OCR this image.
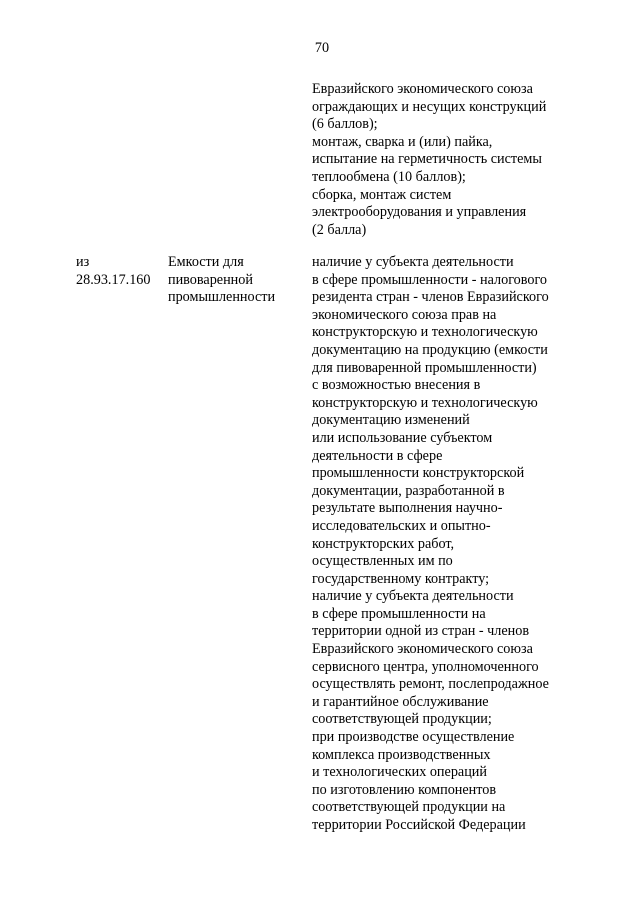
70
Евразийского экономического союза
ограждающих и несущих конструкций
(6 баллов);
монтаж, сварка и (или) пайка,
испытание на герметичность системы
теплообмена (10 баллов);
сборка, монтаж систем
электрооборудования и управления
(2 балла)
из
28.93.17.160
Емкости для
пивоваренной
промышленности
наличие у субъекта деятельности
в сфере промышленности - налогового
резидента стран - членов Евразийского
экономического союза прав на
конструкторскую и технологическую
документацию на продукцию (емкости
для пивоваренной промышленности)
с возможностью внесения в
конструкторскую и технологическую
документацию изменений
или использование субъектом
деятельности в сфере
промышленности конструкторской
документации, разработанной в
результате выполнения научно-
исследовательских и опытно-
конструкторских работ,
осуществленных им по
государственному контракту;
наличие у субъекта деятельности
в сфере промышленности на
территории одной из стран - членов
Евразийского экономического союза
сервисного центра, уполномоченного
осуществлять ремонт, послепродажное
и гарантийное обслуживание
соответствующей продукции;
при производстве осуществление
комплекса производственных
и технологических операций
по изготовлению компонентов
соответствующей продукции на
территории Российской Федерации
